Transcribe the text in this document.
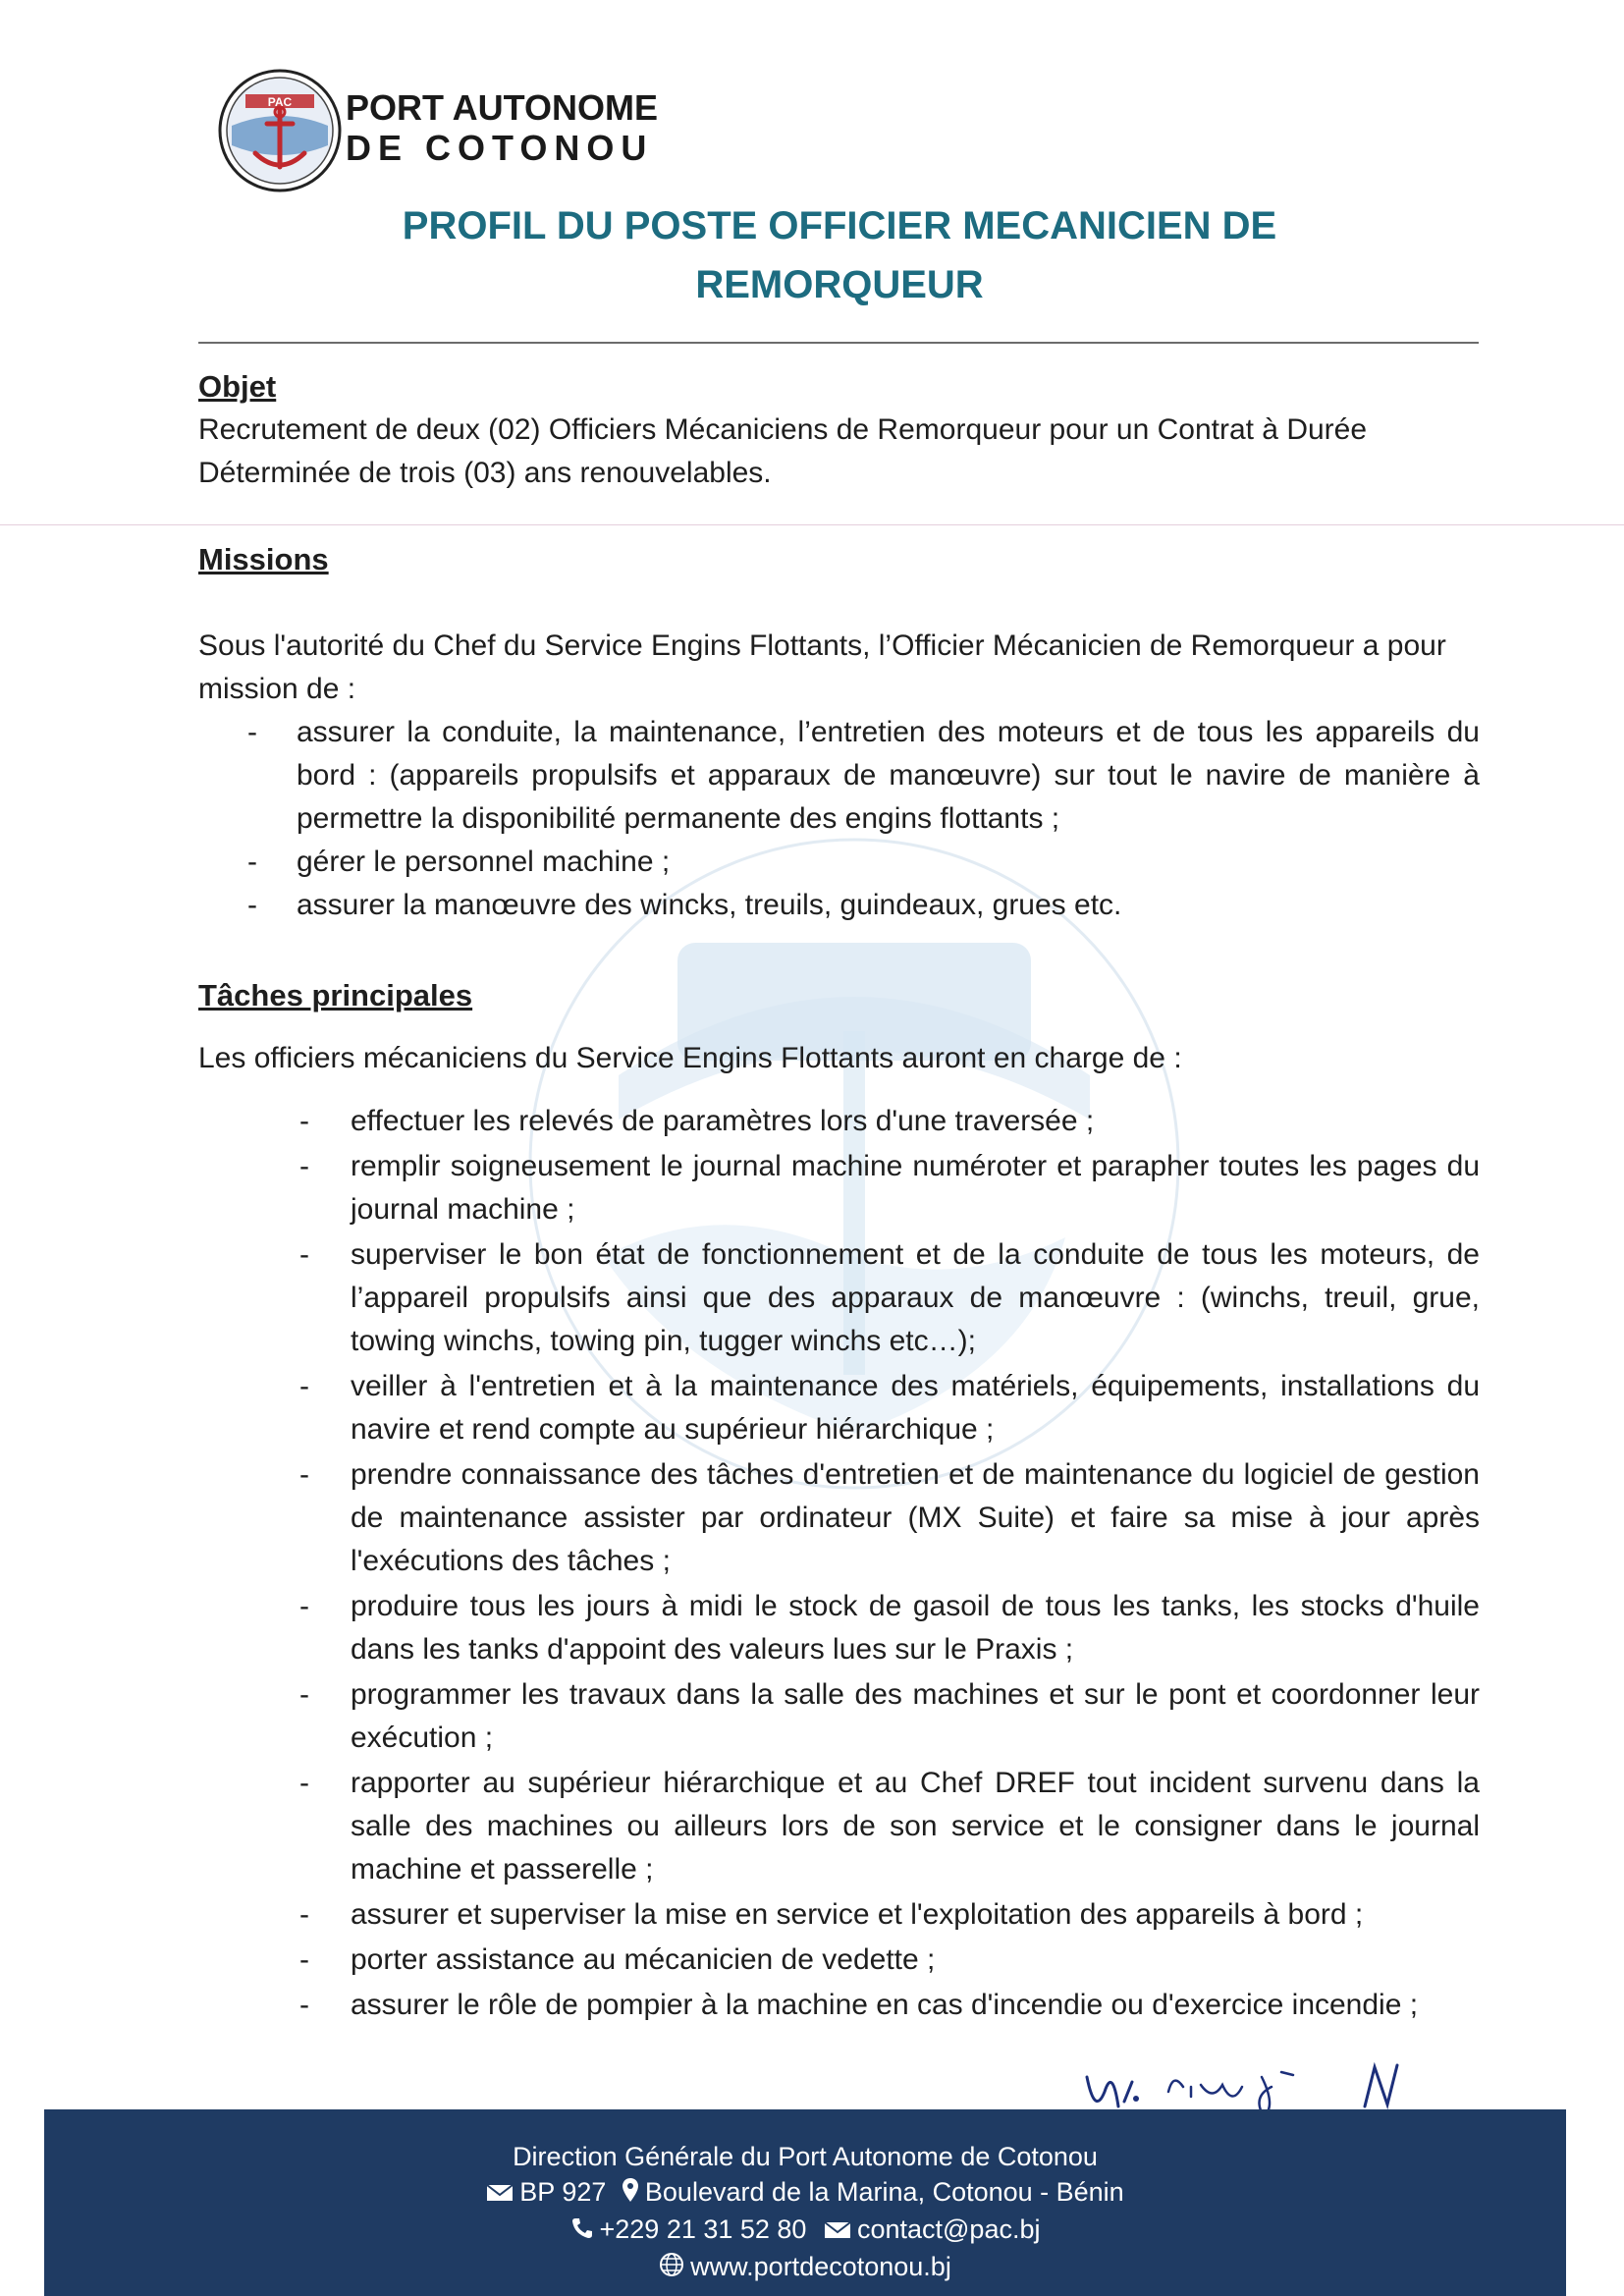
PAC PORT AUTONOME
DE COTONOU
PROFIL DU POSTE OFFICIER MECANICIEN DE
REMORQUEUR

Objet

Recrutement de deux (02) Officiers Mécaniciens de Remorqueur pour un Contrat à Durée Déterminée de trois (03) ans renouvelables.

Missions

Sous l'autorité du Chef du Service Engins Flottants, l’Officier Mécanicien de Remorqueur a pour mission de :

- assurer la conduite, la maintenance, l’entretien des moteurs et de tous les appareils du bord : (appareils propulsifs et apparaux de manœuvre) sur tout le navire de manière à permettre la disponibilité permanente des engins flottants ;
- gérer le personnel machine ;
- assurer la manœuvre des wincks, treuils, guindeaux, grues etc.

Tâches principales

Les officiers mécaniciens du Service Engins Flottants auront en charge de :

- effectuer les relevés de paramètres lors d'une traversée ;
- remplir soigneusement le journal machine numéroter et parapher toutes les pages du journal machine ;
- superviser le bon état de fonctionnement et de la conduite de tous les moteurs, de l’appareil propulsifs ainsi que des apparaux de manœuvre : (winchs, treuil, grue, towing winchs, towing pin, tugger winchs etc…);
- veiller à l'entretien et à la maintenance des matériels, équipements, installations du navire et rend compte au supérieur hiérarchique ;
- prendre connaissance des tâches d'entretien et de maintenance du logiciel de gestion de maintenance assister par ordinateur (MX Suite) et faire sa mise à jour après l'exécutions des tâches ;
- produire tous les jours à midi le stock de gasoil de tous les tanks, les stocks d'huile dans les tanks d'appoint des valeurs lues sur le Praxis ;
- programmer les travaux dans la salle des machines et sur le pont et coordonner leur exécution ;
- rapporter au supérieur hiérarchique et au Chef DREF tout incident survenu dans la salle des machines ou ailleurs lors de son service et le consigner dans le journal machine et passerelle ;
- assurer et superviser la mise en service et l'exploitation des appareils à bord ;
- porter assistance au mécanicien de vedette ;
- assurer le rôle de pompier à la machine en cas d'incendie ou d'exercice incendie ;
Direction Générale du Port Autonome de Cotonou
BP 927 Boulevard de la Marina, Cotonou - Bénin
+229 21 31 52 80 contact@pac.bj
www.portdecotonou.bj
